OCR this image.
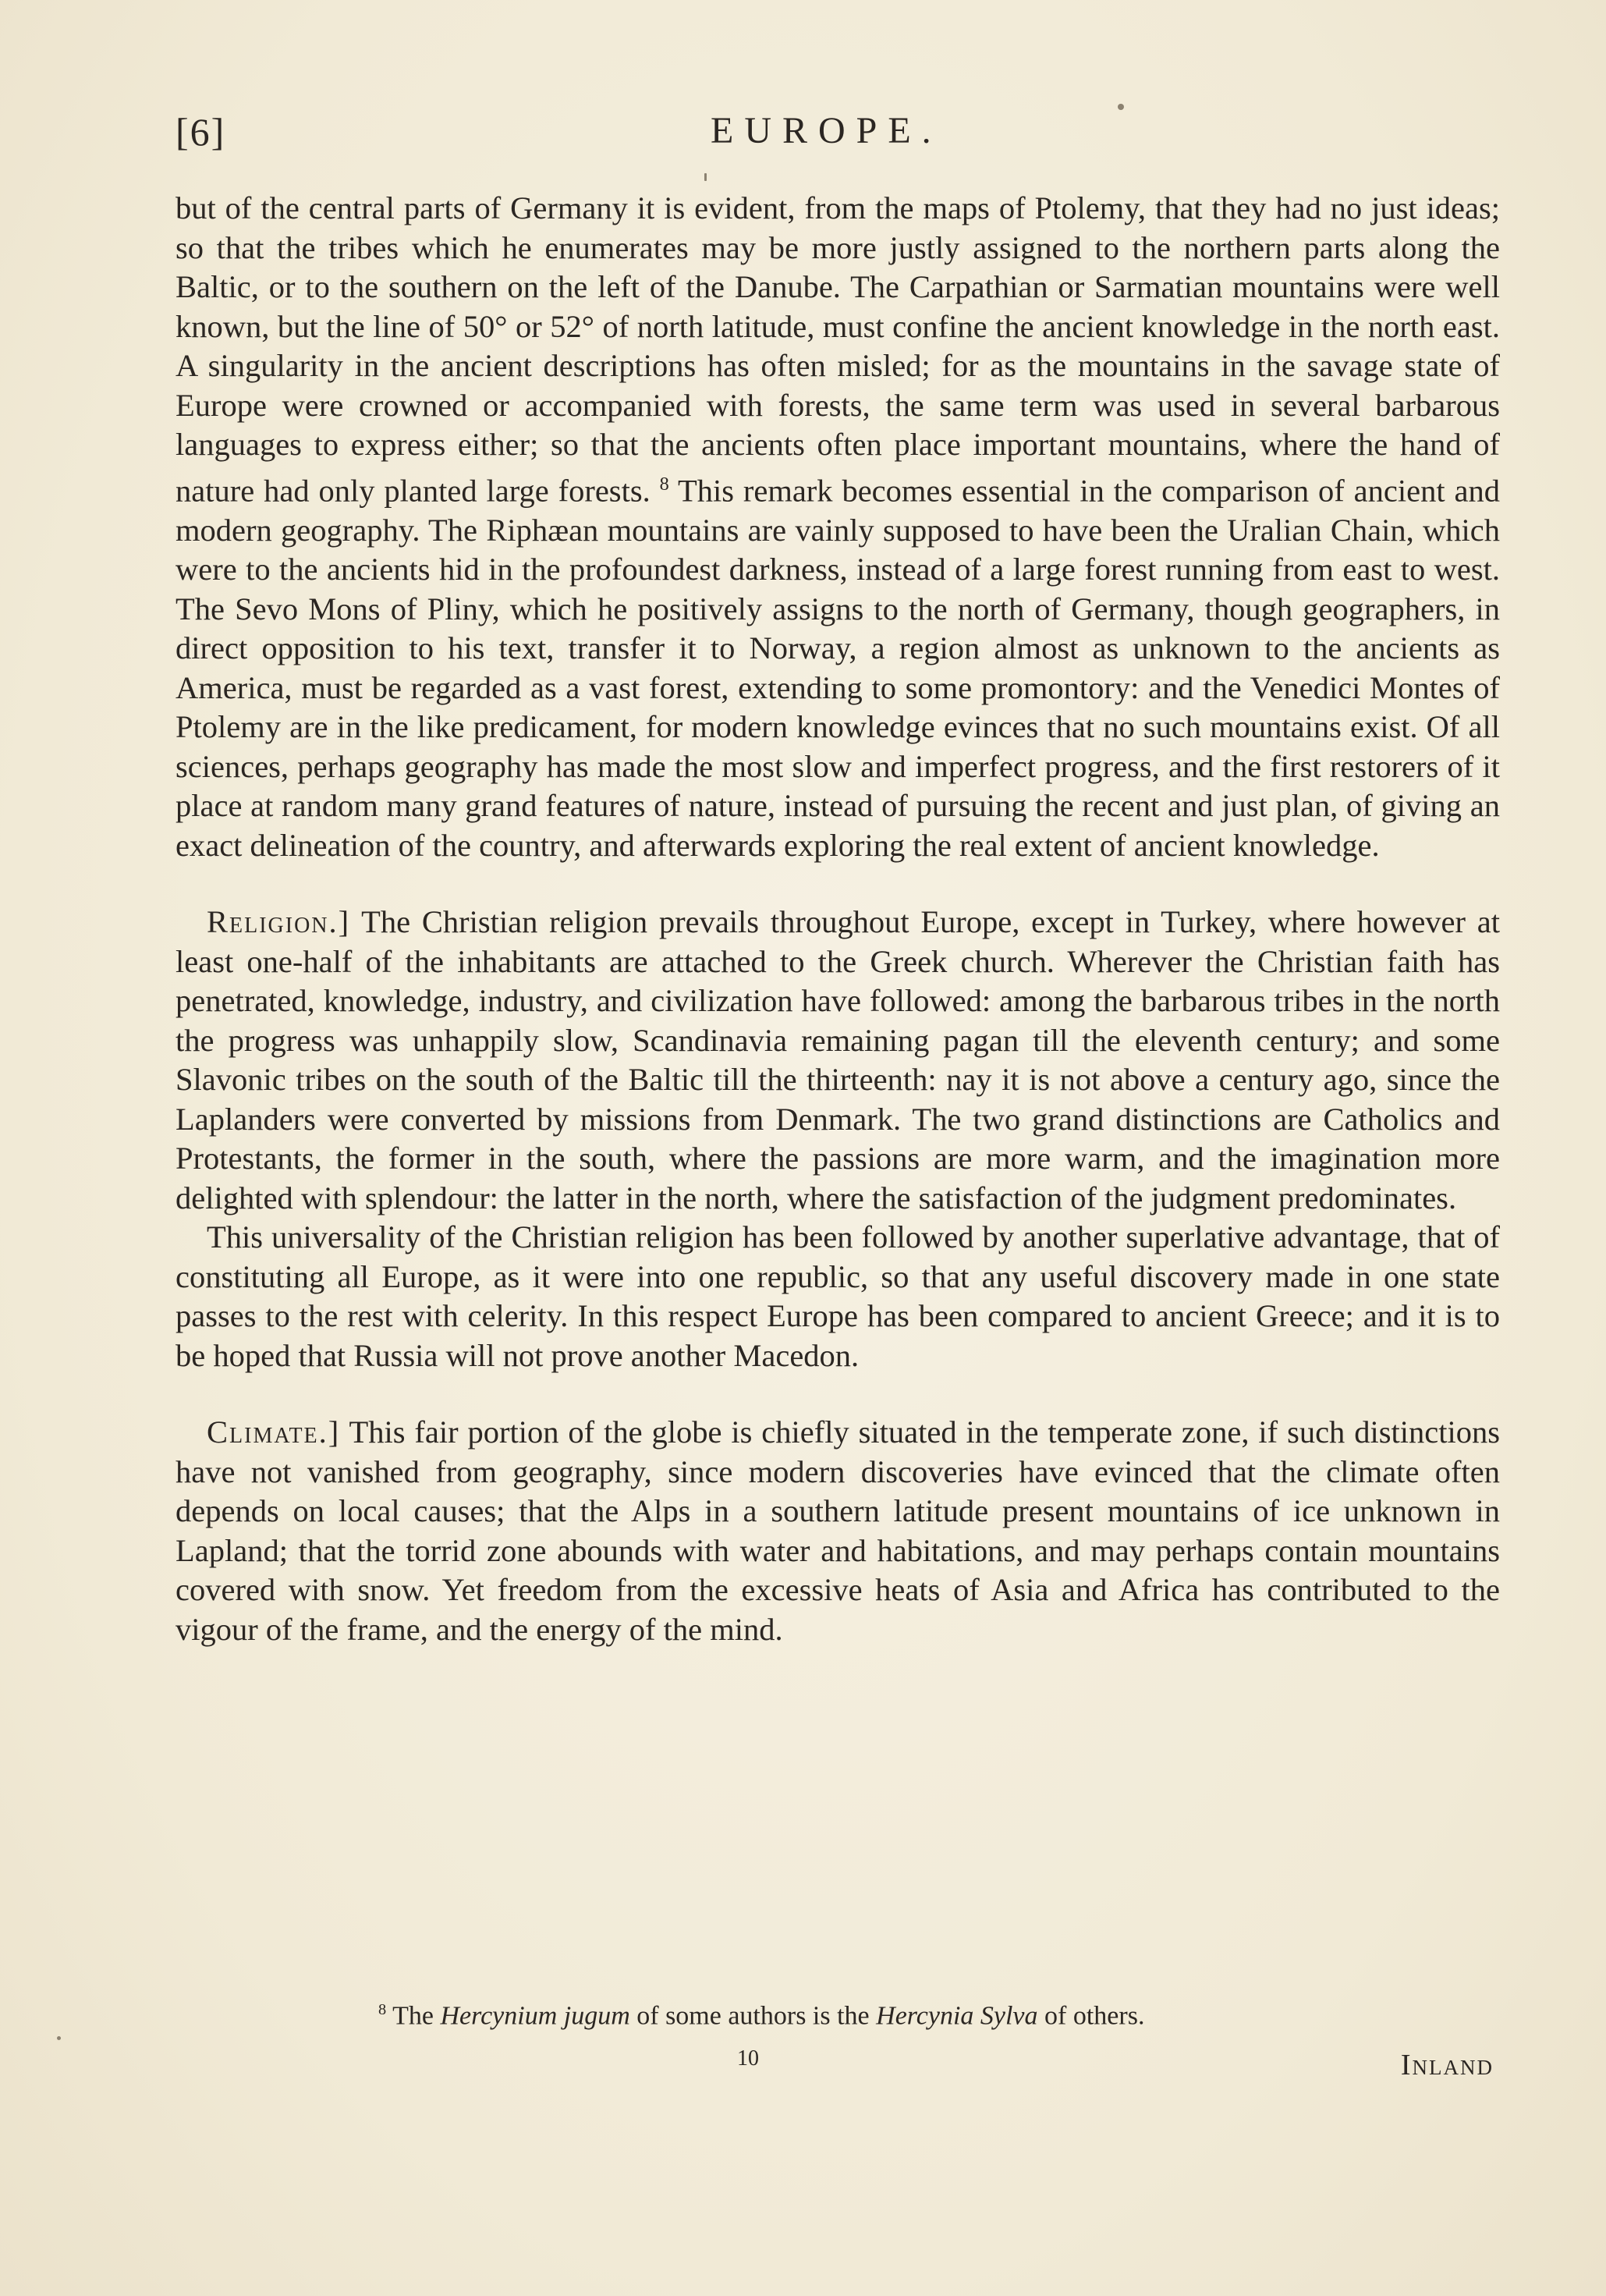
[6]	EUROPE.

but of the central parts of Germany it is evident, from the maps of Ptolemy, that they had no just ideas; so that the tribes which he enumerates may be more justly assigned to the northern parts along the Baltic, or to the southern on the left of the Danube. The Carpathian or Sarmatian mountains were well known, but the line of 50° or 52° of north latitude, must confine the ancient knowledge in the north east. A singularity in the ancient descriptions has often misled; for as the mountains in the savage state of Europe were crowned or accompanied with forests, the same term was used in several barbarous languages to express either; so that the ancients often place important mountains, where the hand of nature had only planted large forests. $^8$ This remark becomes essential in the comparison of ancient and modern geography. The Riphæan mountains are vainly supposed to have been the Uralian Chain, which were to the ancients hid in the profoundest darkness, instead of a large forest running from east to west. The Sevo Mons of Pliny, which he positively assigns to the north of Germany, though geographers, in direct opposition to his text, transfer it to Norway, a region almost as unknown to the ancients as America, must be regarded as a vast forest, extending to some promontory: and the Venedici Montes of Ptolemy are in the like predicament, for modern knowledge evinces that no such mountains exist. Of all sciences, perhaps geography has made the most slow and imperfect progress, and the first restorers of it place at random many grand features of nature, instead of pursuing the recent and just plan, of giving an exact delineation of the country, and afterwards exploring the real extent of ancient knowledge.

Religion.] The Christian religion prevails throughout Europe, except in Turkey, where however at least one-half of the inhabitants are attached to the Greek church. Wherever the Christian faith has penetrated, knowledge, industry, and civilization have followed: among the barbarous tribes in the north the progress was unhappily slow, Scandinavia remaining pagan till the eleventh century; and some Slavonic tribes on the south of the Baltic till the thirteenth: nay it is not above a century ago, since the Laplanders were converted by missions from Denmark. The two grand distinctions are Catholics and Protestants, the former in the south, where the passions are more warm, and the imagination more delighted with splendour: the latter in the north, where the satisfaction of the judgment predominates.

This universality of the Christian religion has been followed by another superlative advantage, that of constituting all Europe, as it were into one republic, so that any useful discovery made in one state passes to the rest with celerity. In this respect Europe has been compared to ancient Greece; and it is to be hoped that Russia will not prove another Macedon.

Climate.] This fair portion of the globe is chiefly situated in the temperate zone, if such distinctions have not vanished from geography, since modern discoveries have evinced that the climate often depends on local causes; that the Alps in a southern latitude present mountains of ice unknown in Lapland; that the torrid zone abounds with water and habitations, and may perhaps contain mountains covered with snow. Yet freedom from the excessive heats of Asia and Africa has contributed to the vigour of the frame, and the energy of the mind.

$^8$ The Hercynium jugum of some authors is the Hercynia Sylva of others.
10	Inland
